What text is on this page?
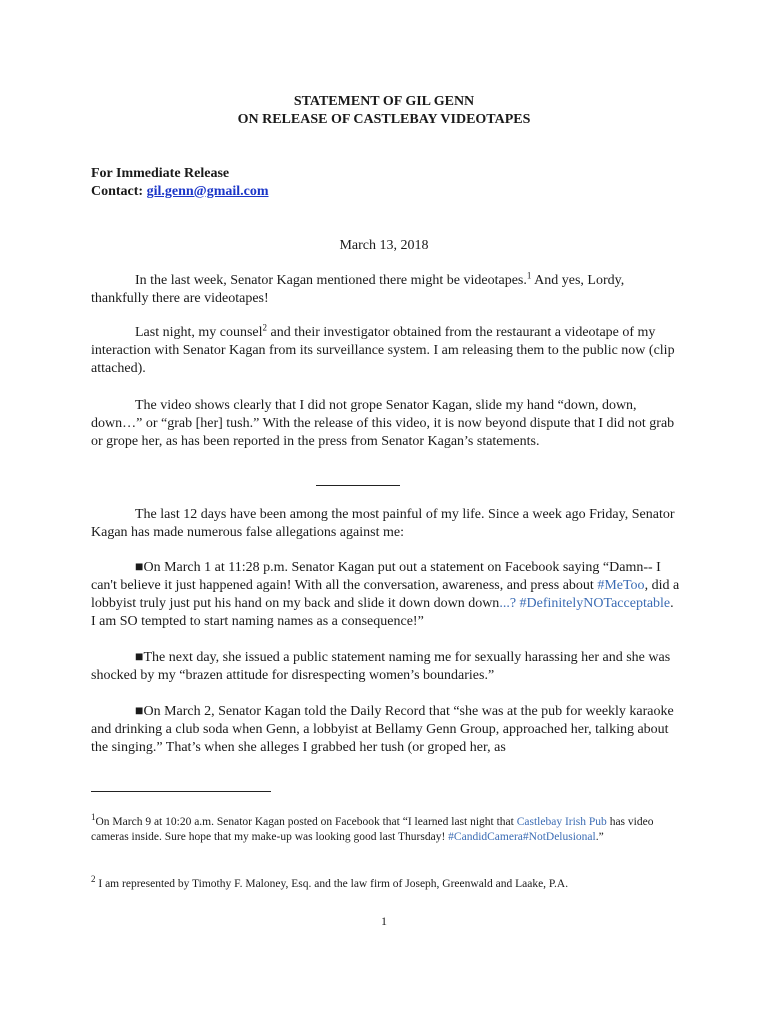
STATEMENT OF GIL GENN
ON RELEASE OF CASTLEBAY VIDEOTAPES
For Immediate Release
Contact: gil.genn@gmail.com
March 13, 2018

In the last week, Senator Kagan mentioned there might be videotapes.$^1$ And yes, Lordy, thankfully there are videotapes!

Last night, my counsel$^2$ and their investigator obtained from the restaurant a videotape of my interaction with Senator Kagan from its surveillance system. I am releasing them to the public now (clip attached).

The video shows clearly that I did not grope Senator Kagan, slide my hand “down, down, down…” or “grab [her] tush.” With the release of this video, it is now beyond dispute that I did not grab or grope her, as has been reported in the press from Senator Kagan’s statements.

The last 12 days have been among the most painful of my life. Since a week ago Friday, Senator Kagan has made numerous false allegations against me:

■On March 1 at 11:28 p.m. Senator Kagan put out a statement on Facebook saying “Damn-- I can't believe it just happened again! With all the conversation, awareness, and press about #MeToo, did a lobbyist truly just put his hand on my back and slide it down down down...? #DefinitelyNOTacceptable. I am SO tempted to start naming names as a consequence!”

■The next day, she issued a public statement naming me for sexually harassing her and she was shocked by my “brazen attitude for disrespecting women’s boundaries.”

■On March 2, Senator Kagan told the Daily Record that “she was at the pub for weekly karaoke and drinking a club soda when Genn, a lobbyist at Bellamy Genn Group, approached her, talking about the singing.” That’s when she alleges I grabbed her tush (or groped her, as

$^1$On March 9 at 10:20 a.m. Senator Kagan posted on Facebook that “I learned last night that Castlebay Irish Pub has video cameras inside. Sure hope that my make-up was looking good last Thursday! #CandidCamera#NotDelusional.”

$^2$ I am represented by Timothy F. Maloney, Esq. and the law firm of Joseph, Greenwald and Laake, P.A.

1
